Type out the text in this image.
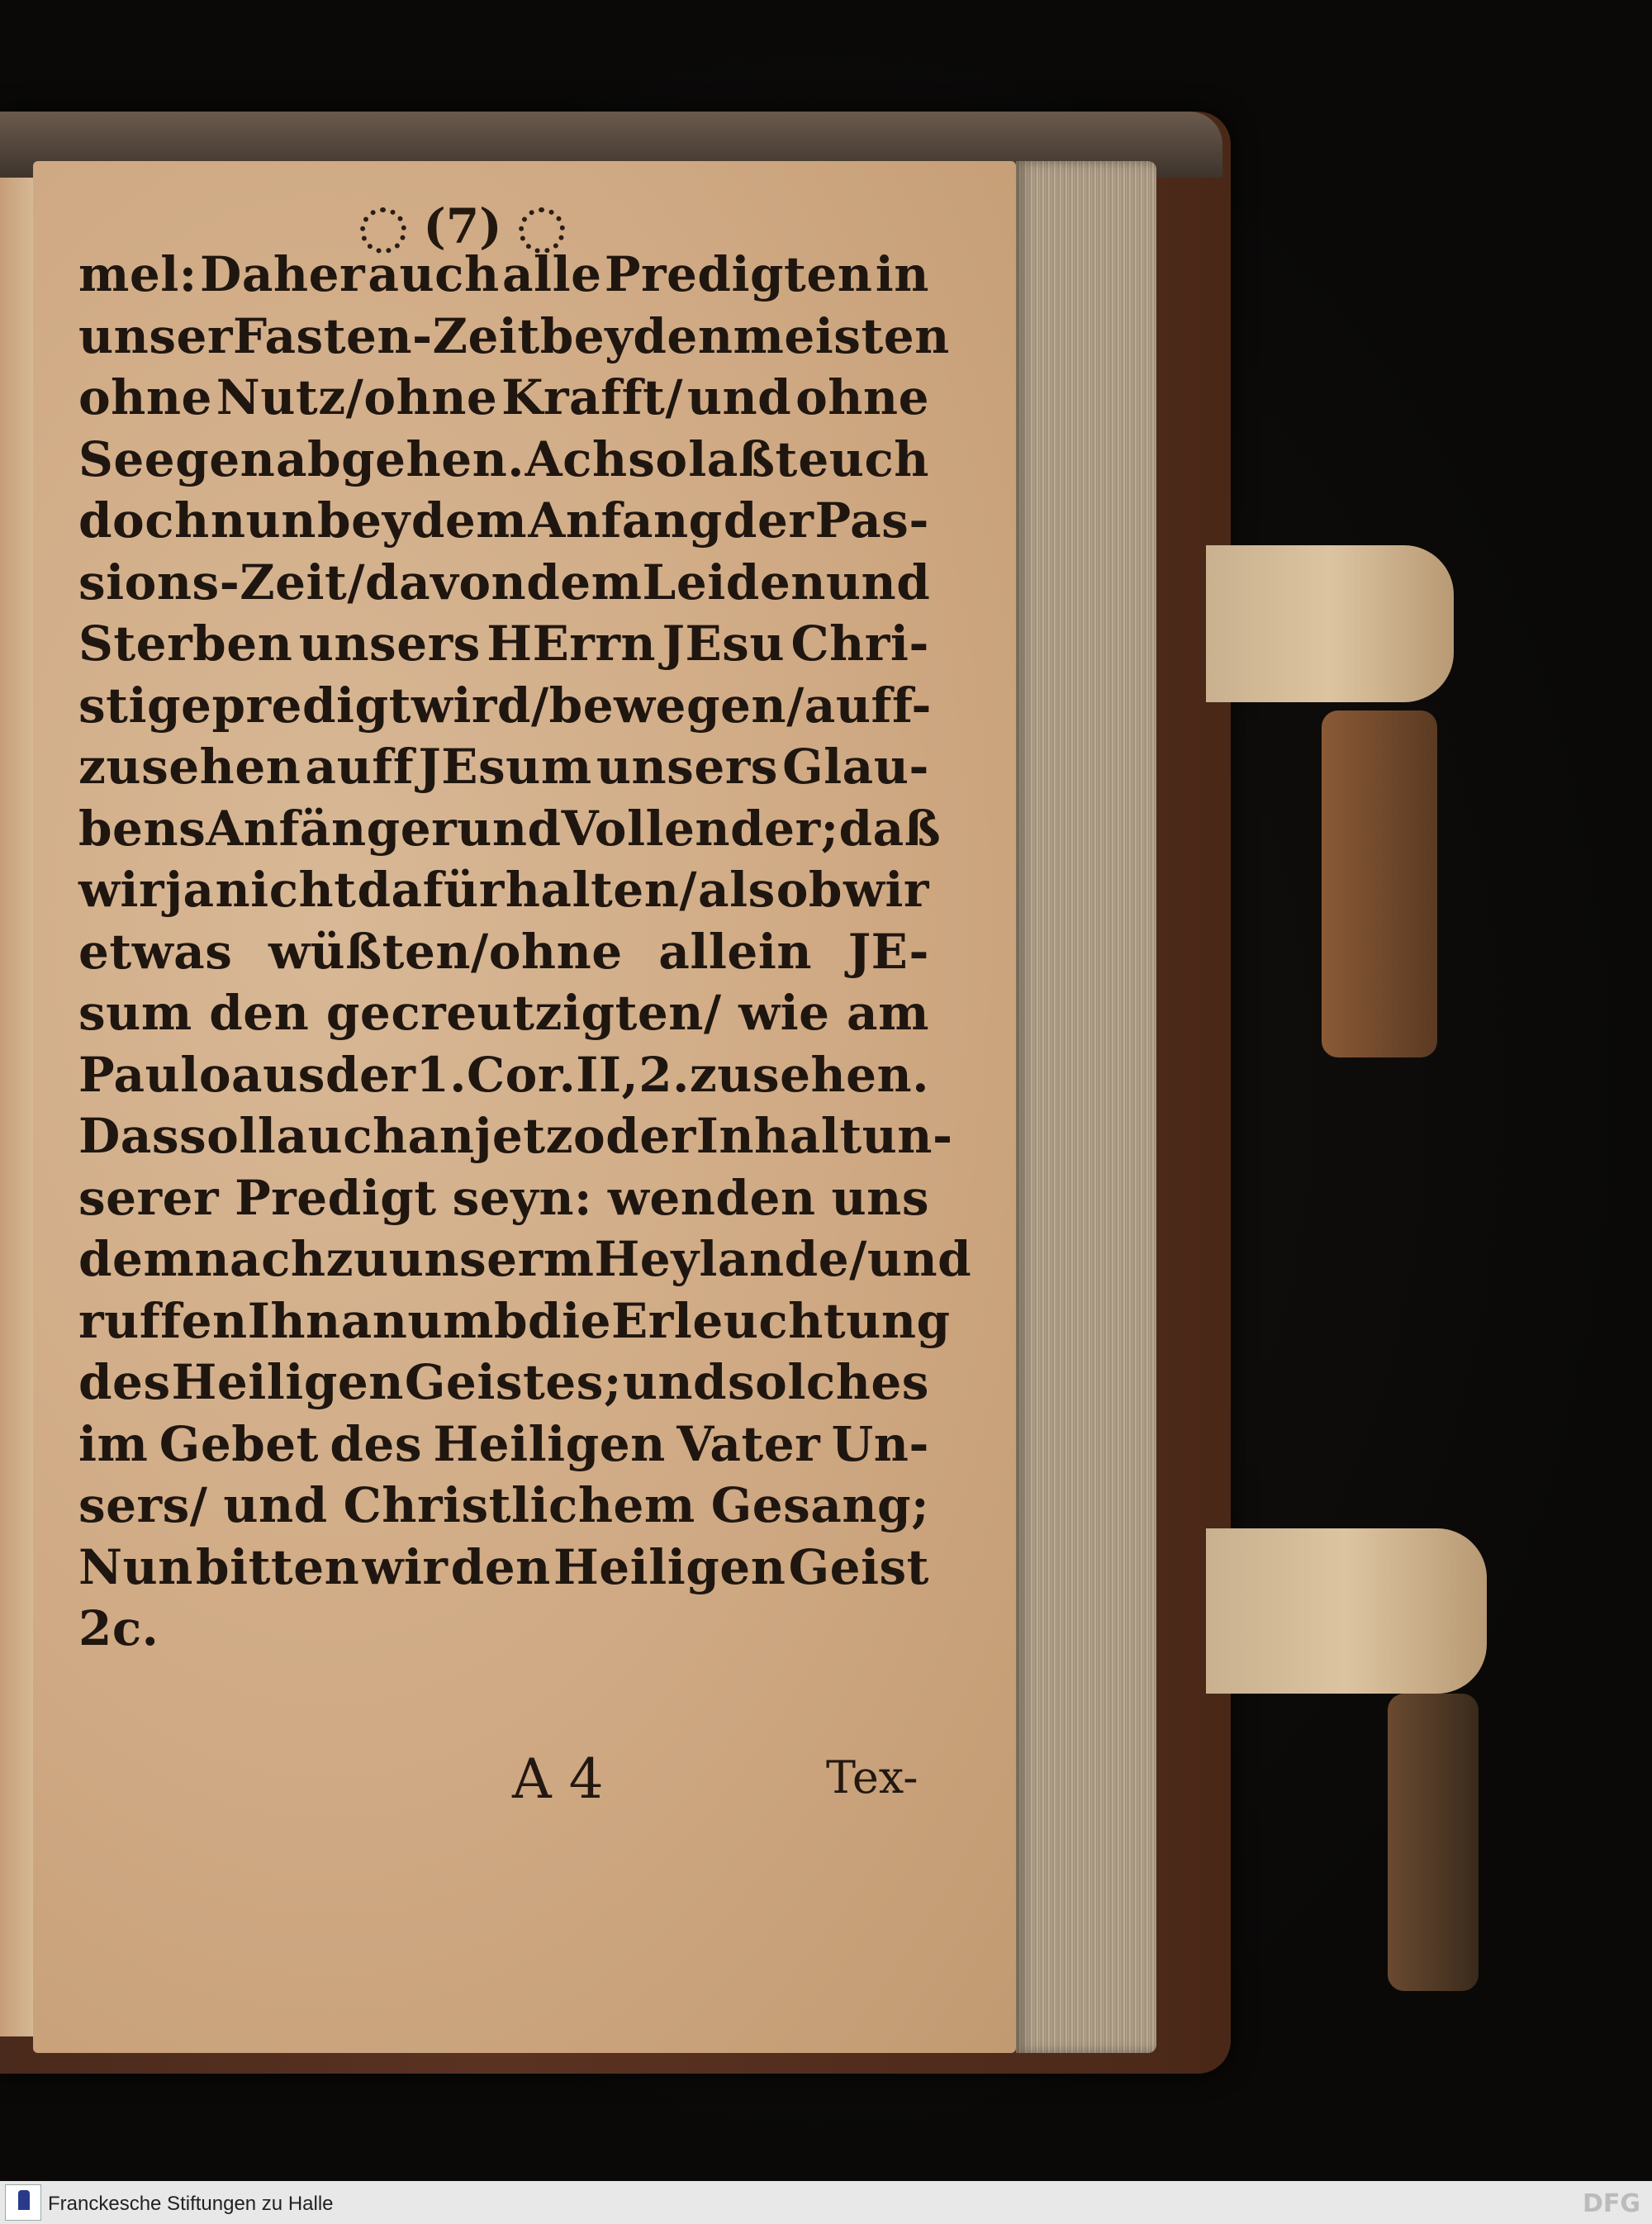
(7)
mel: Daher auch alle Predigten in
unser Fasten-Zeit bey den meisten
ohne Nutz/ohne Krafft/ und ohne
Seegen abgehen. Ach so laßt euch
doch nun bey dem Anfang der Pas-
sions-Zeit/ da von dem Leiden und
Sterben unsers HErrn JEsu Chri-
sti gepredigt wird/ bewegen/ auff-
zusehen auff JEsum unsers Glau-
bens Anfänger und Vollender; daß
wir ja nicht dafür halten/ als ob wir
etwas wüßten/ohne allein JE-
sum den gecreutzigten/ wie am
Paulo aus der 1. Cor. II, 2. zusehen.
Das soll auch anjetzo der Inhalt un-
serer Predigt seyn: wenden uns
demnach zu unserm Heylande/ und
ruffen Ihn an umb die Erleuchtung
des Heiligen Geistes; und solches
im Gebet des Heiligen Vater Un-
sers/ und Christlichem Gesang;
Nun bitten wir den Heiligen Geist
2c.
A 4	Tex-
Franckesche Stiftungen zu Halle	DFG
